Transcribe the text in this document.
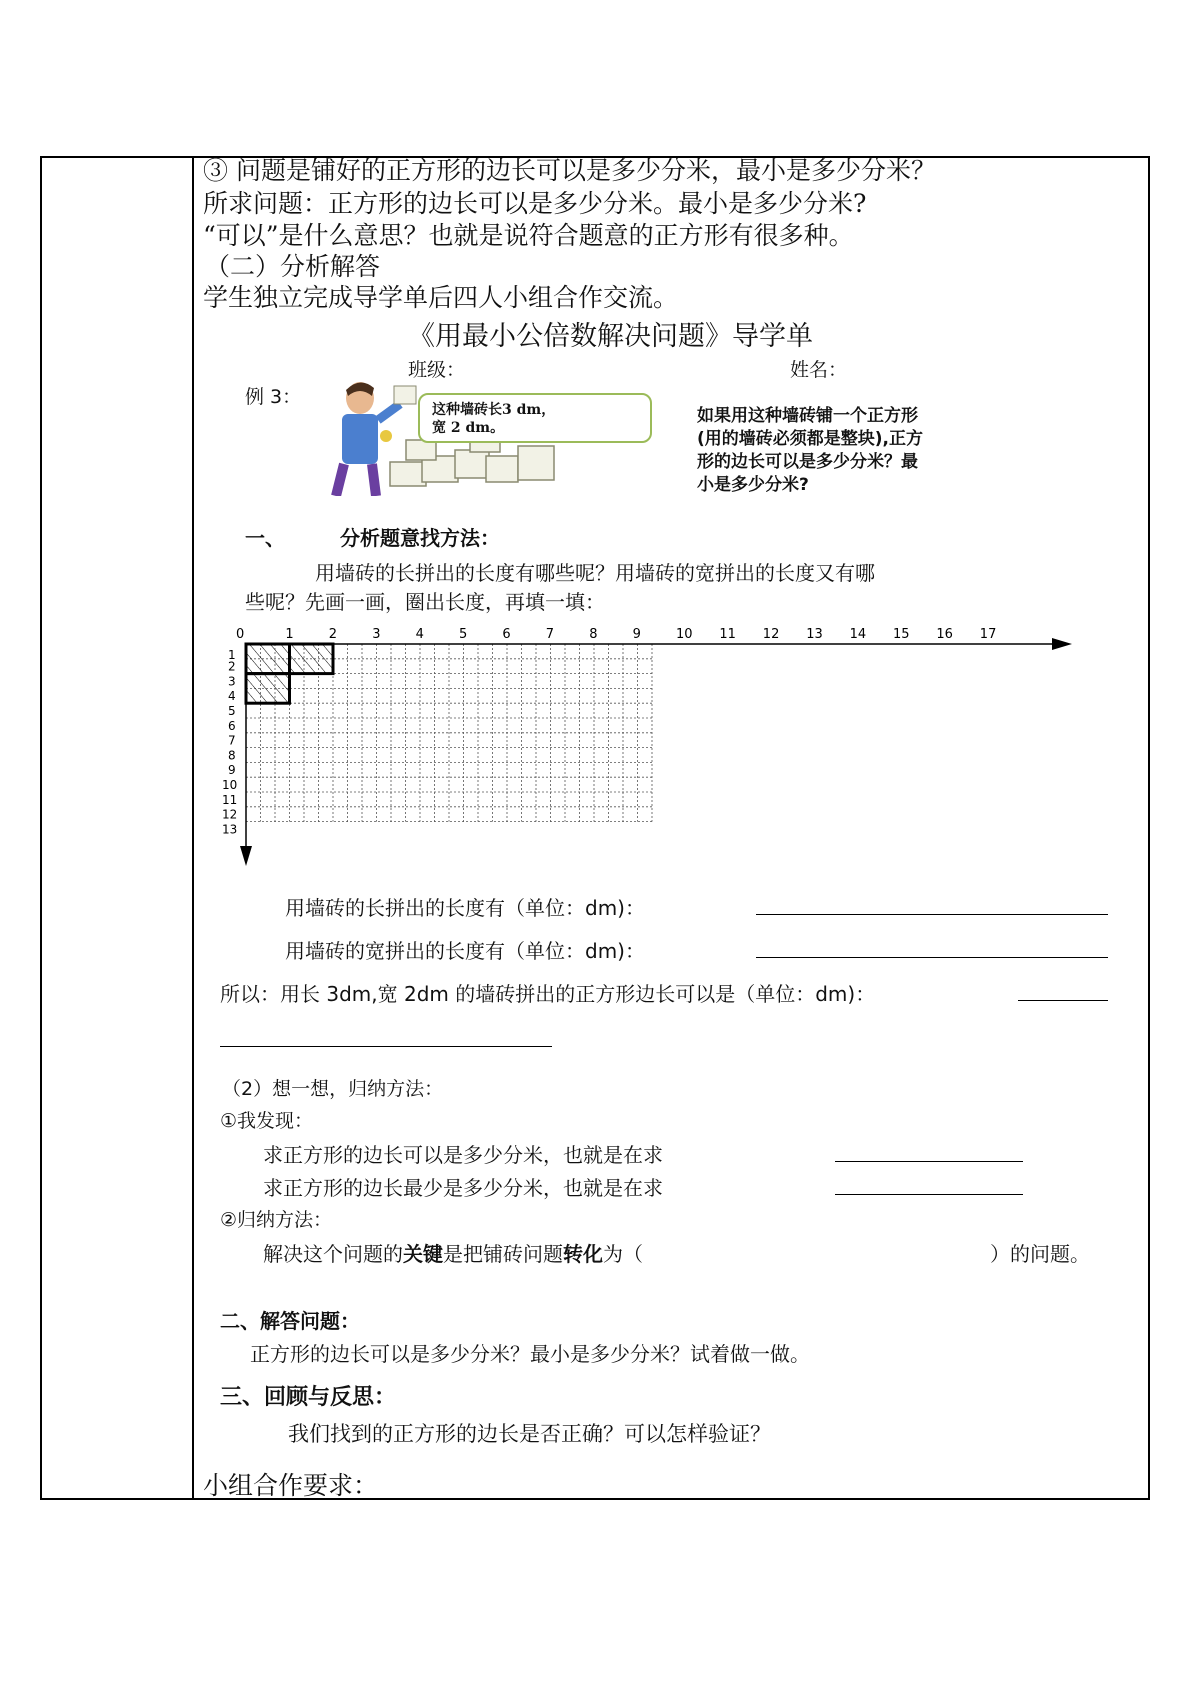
③ 问题是铺好的正方形的边长可以是多少分米，最小是多少分米？
所求问题：正方形的边长可以是多少分米。最小是多少分米?
“可以”是什么意思？也就是说符合题意的正方形有很多种。
（二）分析解答
学生独立完成导学单后四人小组合作交流。
《用最小公倍数解决问题》导学单
班级：	姓名：
例 3：
这种墙砖长3 dm，
宽 2 dm。
如果用这种墙砖铺一个正方形
(用的墙砖必须都是整块),正方
形的边长可以是多少分米？最
小是多少分米?
一、	分析题意找方法：
用墙砖的长拼出的长度有哪些呢？用墙砖的宽拼出的长度又有哪
些呢？先画一画，圈出长度，再填一填：
0	1	2	3	4	5	6	7	8	9	10 11 12 13 14 15 16 17
1
2
3
4
5
6
7
8
9
10
11
12
13
用墙砖的长拼出的长度有（单位：dm)：
用墙砖的宽拼出的长度有（单位：dm)：
所以：用长 3dm,宽 2dm 的墙砖拼出的正方形边长可以是（单位：dm)：
（2）想一想，归纳方法：
①我发现：
求正方形的边长可以是多少分米，也就是在求
求正方形的边长最少是多少分米，也就是在求
②归纳方法：
解决这个问题的关键是把铺砖问题转化为（	）的问题。
二、解答问题：
正方形的边长可以是多少分米？最小是多少分米？试着做一做。
三、回顾与反思：
我们找到的正方形的边长是否正确？可以怎样验证？
小组合作要求：
